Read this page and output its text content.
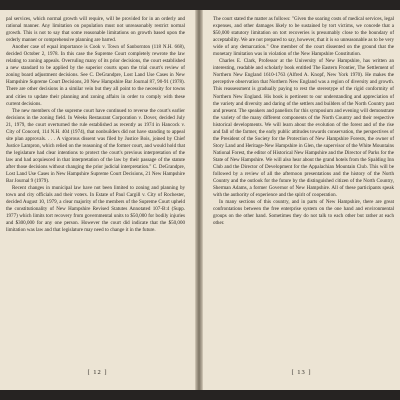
pal services, which normal growth will require, will be provided for in an orderly and rational manner. Any limitation on population must not unreasonably restrict normal growth. This is not to say that some reasonable limitations on growth based upon the orderly manner or comprehensive planning are barred.

Another case of equal importance is Cook v. Town of Sanbornton (118 N.H. 668), decided October 2, 1978. In this case the Supreme Court completely rewrote the law relating to zoning appeals. Overruling many of its prior decisions, the court established a new standard to be applied by the superior courts upon the trial court's review of zoning board adjustment decisions. See C. DeGrandpre, Lost Land Use Cases in New Hampshire Supreme Court Decisions, 20 New Hampshire Bar Journal 87, 90-91 (1978). There are other decisions in a similar vein but they all point to the necessity for towns and cities to update their planning and zoning affairs in order to comply with these current decisions.

The new members of the supreme court have continued to reverse the court's earlier decisions in the zoning field. In Weeks Restaurant Corporation v. Dover, decided July 21, 1979, the court overturned the rule established as recently as 1974 in Hancock v. City of Concord, 114 N.H. 404 (1974), that nonbuilders did not have standing to appeal site plan approvals. . . . A vigorous dissent was filed by Justice Bois, joined by Chief Justice Lampron, which relied on the reasoning of the former court, and would hold that the legislature had clear intentions to protect the court's previous interpretation of the law and had acquiesced in that interpretation of the law by their passage of the statute after those decisions without changing the prior judicial interpretation." C. DeGrandpre, Lost Land Use Cases in New Hampshire Supreme Court Decisions, 21 New Hampshire Bar Journal 9 (1979).

Recent changes in municipal law have not been limited to zoning and planning by town and city officials and their voters. In Estate of Paul Cargill v. City of Rochester, decided August 10, 1979, a clear majority of the members of the Supreme Court upheld the constitutionality of New Hampshire Revised Statutes Annotated 107-B:4 (Supp. 1977) which limits tort recovery from governmental units to $50,000 for bodily injuries and $300,000 for any one person. However the court did indicate that the $50,000 limitation was law and that legislature may need to change it in the future.

[ 12 ]

The court stated the matter as follows: "Given the soaring costs of medical services, legal expenses, and other damages likely to be sustained by tort victims, we concede that a $50,000 statutory limitation on tort recoveries is presumably close to the boundary of acceptability. We are not prepared to say, however, that it is so unreasonable as to be very wide of any demarcation." One member of the court dissented on the ground that the monetary limitation was in violation of the New Hampshire Constitution.

Charles E. Clark, Professor at the University of New Hampshire, has written an interesting, readable and scholarly book entitled The Eastern Frontier, The Settlement of Northern New England 1610-1763 (Alfred A. Knopf, New York 1970). He makes the perceptive observation that Northern New England was a region of diversity and growth. This reassessment is gradually paying to rest the stereotype of the rigid conformity of Northern New England. His book is pertinent to our understanding and appreciation of the variety and diversity and daring of the settlers and builders of the North Country past and present. The speakers and panelists for this symposium and evening will demonstrate the variety of the many different components of the North Country and their respective historical developments. We will learn about the evolution of the forest and of the rise and fall of the farmer, the early public attitudes towards conservation, the perspectives of the President of the Society for the Protection of New Hampshire Forests, the owner of Story Land and Heritage-New Hampshire in Glen, the supervisor of the White Mountains National Forest, the editor of Historical New Hampshire and the Director of Parks for the State of New Hampshire. We will also hear about the grand hotels from the Spalding Inn Club and the Director of Development for the Appalachian Mountain Club. This will be followed by a review of all the afternoon presentations and the history of the North Country and the outlook for the future by the distinguished citizen of the North Country, Sherman Adams, a former Governor of New Hampshire. All of these participants speak with the authority of experience and the spirit of cooperation.

In many sections of this country, and in parts of New Hampshire, there are great confrontations between the free enterprise system on the one hand and environmental groups on the other hand. Sometimes they do not talk to each other but rather at each other.

[ 13 ]
